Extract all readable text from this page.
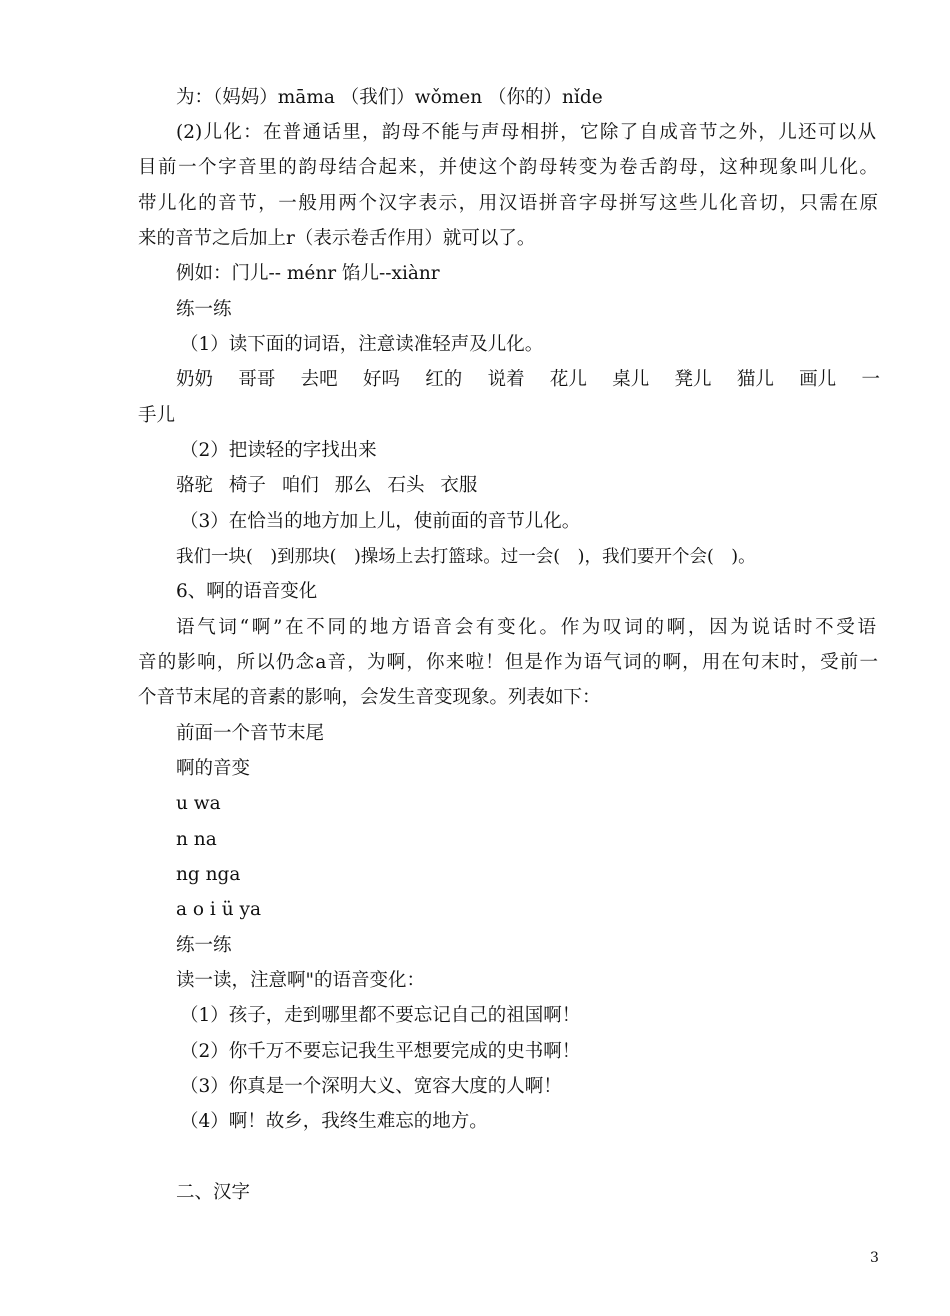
为：（妈妈）māma （我们）wǒmen （你的）nǐde
(2)儿化：在普通话里，韵母不能与声母相拼，它除了自成音节之外，儿还可以从
目前一个字音里的韵母结合起来，并使这个韵母转变为卷舌韵母，这种现象叫儿化。
带儿化的音节，一般用两个汉字表示，用汉语拼音字母拼写这些儿化音切，只需在原
来的音节之后加上r（表示卷舌作用）就可以了。
例如：门儿-- ménr 馅儿--xiànr
练一练
（1）读下面的词语，注意读准轻声及儿化。
奶奶 哥哥 去吧 好吗 红的 说着 花儿 桌儿 凳儿 猫儿 画儿 一
手儿
（2）把读轻的字找出来
骆驼 椅子 咱们 那么 石头 衣服
（3）在恰当的地方加上儿，使前面的音节儿化。
我们一块(　)到那块(　)操场上去打篮球。过一会(　)，我们要开个会(　)。
6、啊的语音变化
语气词“啊”在不同的地方语音会有变化。作为叹词的啊，因为说话时不受语
音的影响，所以仍念a音，为啊，你来啦！但是作为语气词的啊，用在句末时，受前一
个音节末尾的音素的影响，会发生音变现象。列表如下：
前面一个音节末尾
啊的音变
u wa
n na
ng nga
a o i ü ya
练一练
读一读，注意啊"的语音变化：
（1）孩子，走到哪里都不要忘记自己的祖国啊！
（2）你千万不要忘记我生平想要完成的史书啊！
（3）你真是一个深明大义、宽容大度的人啊！
（4）啊！故乡，我终生难忘的地方。
二、汉字
3
